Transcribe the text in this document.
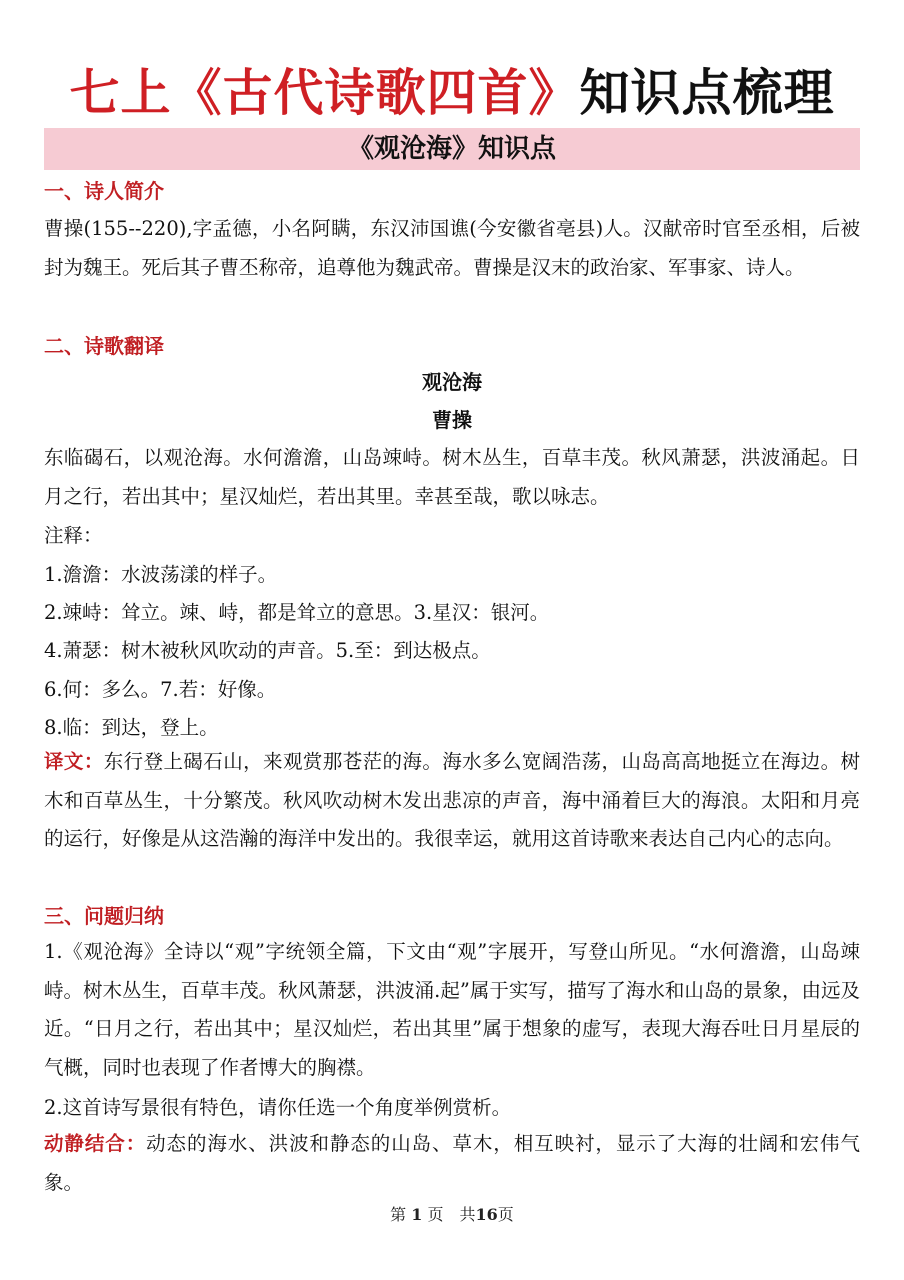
七上《古代诗歌四首》知识点梳理
《观沧海》知识点
一、诗人简介
曹操(155--220),字孟德，小名阿瞒，东汉沛国谯(今安徽省亳县)人。汉献帝时官至丞相，后被封为魏王。死后其子曹丕称帝，追尊他为魏武帝。曹操是汉末的政治家、军事家、诗人。
二、诗歌翻译
观沧海
曹操
东临碣石，以观沧海。水何澹澹，山岛竦峙。树木丛生，百草丰茂。秋风萧瑟，洪波涌起。日月之行，若出其中；星汉灿烂，若出其里。幸甚至哉，歌以咏志。
注释：
1.澹澹：水波荡漾的样子。
2.竦峙：耸立。竦、峙，都是耸立的意思。3.星汉：银河。
4.萧瑟：树木被秋风吹动的声音。5.至：到达极点。
6.何：多么。7.若：好像。
8.临：到达，登上。
译文：东行登上碣石山，来观赏那苍茫的海。海水多么宽阔浩荡，山岛高高地挺立在海边。树木和百草丛生，十分繁茂。秋风吹动树木发出悲凉的声音，海中涌着巨大的海浪。太阳和月亮的运行，好像是从这浩瀚的海洋中发出的。我很幸运，就用这首诗歌来表达自己内心的志向。
三、问题归纳
1.《观沧海》全诗以“观”字统领全篇，下文由“观”字展开，写登山所见。“水何澹澹，山岛竦峙。树木丛生，百草丰茂。秋风萧瑟，洪波涌.起”属于实写，描写了海水和山岛的景象，由远及近。“日月之行，若出其中；星汉灿烂，若出其里”属于想象的虚写，表现大海吞吐日月星辰的气概，同时也表现了作者博大的胸襟。
2.这首诗写景很有特色，请你任选一个角度举例赏析。
动静结合：动态的海水、洪波和静态的山岛、草木，相互映衬，显示了大海的壮阔和宏伟气象。
第 1 页　共16页
